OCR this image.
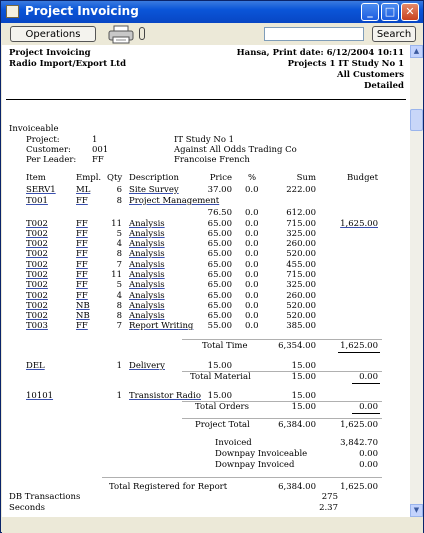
Project Invoicing	_	□ ✕
Operations	Search
Project Invoicing
Radio Import/Export Ltd
Hansa, Print date: 6/12/2004 10:11
Projects 1 IT Study No 1
All Customers
Detailed
Invoiceable
Project:	1	IT Study No 1
Customer: 001	Against All Odds Trading Co
Per Leader: FF	Francoise French
Item	Empl. Qty Description	Price %	Sum	Budget
SERV1 ML	6 Site Survey	37.00 0.0	222.00
T001	FF	8 Project Management
76.50 0.0	612.00
T002	FF	11 Analysis	65.00 0.0	715.00	1,625.00
T002	FF	5 Analysis	65.00 0.0	325.00
T002	FF	4 Analysis	65.00 0.0	260.00
T002	FF	8 Analysis	65.00 0.0	520.00
T002	FF	7 Analysis	65.00 0.0	455.00
T002	FF	11 Analysis	65.00 0.0	715.00
T002	FF	5 Analysis	65.00 0.0	325.00
T002	FF	4 Analysis	65.00 0.0	260.00
T002	NB	8 Analysis	65.00 0.0	520.00
T002	NB	8 Analysis	65.00 0.0	520.00
T003	FF	7 Report Writing	55.00 0.0	385.00
Total Time	6,354.00	1,625.00
DEL	1 Delivery	15.00	15.00
Total Material	15.00	0.00
10101	1 Transistor Radio 15.00	15.00
Total Orders	15.00	0.00
Project Total	6,384.00	1,625.00
Invoiced	3,842.70
Downpay Invoiceable	0.00
Downpay Invoiced	0.00
Total Registered for Report	6,384.00	1,625.00
DB Transactions	275
Seconds	2.37
▲
▼
